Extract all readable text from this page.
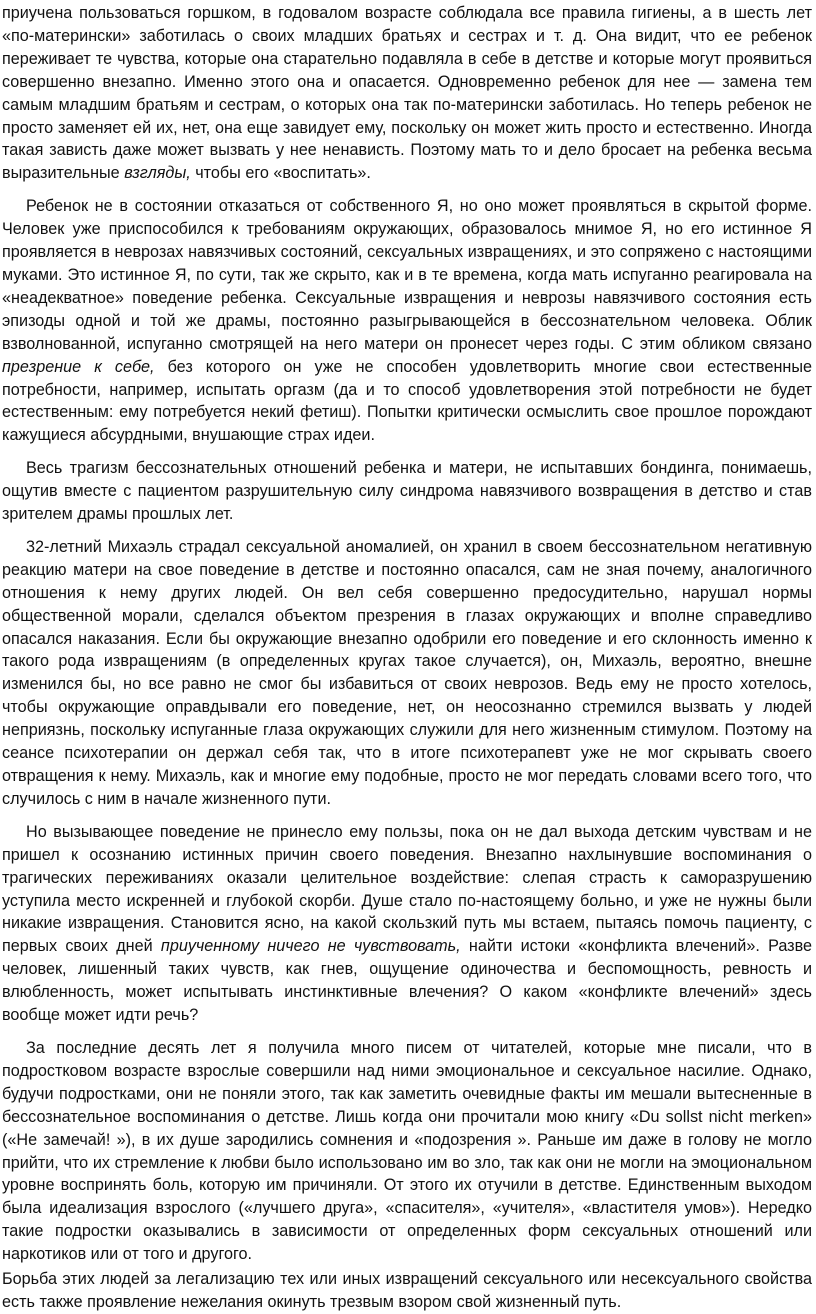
приучена пользоваться горшком, в годовалом возрасте соблюдала все правила гигиены, а в шесть лет «по-матерински» заботилась о своих младших братьях и сестрах и т. д. Она видит, что ее ребенок переживает те чувства, которые она старательно подавляла в себе в детстве и которые могут проявиться совершенно внезапно. Именно этого она и опасается. Одновременно ребенок для нее — замена тем самым младшим братьям и сестрам, о которых она так по-матерински заботилась. Но теперь ребенок не просто заменяет ей их, нет, она еще завидует ему, поскольку он может жить просто и естественно. Иногда такая зависть даже может вызвать у нее ненависть. Поэтому мать то и дело бросает на ребенка весьма выразительные взгляды, чтобы его «воспитать».

Ребенок не в состоянии отказаться от собственного Я, но оно может проявляться в скрытой форме. Человек уже приспособился к требованиям окружающих, образовалось мнимое Я, но его истинное Я проявляется в неврозах навязчивых состояний, сексуальных извращениях, и это сопряжено с настоящими муками. Это истинное Я, по сути, так же скрыто, как и в те времена, когда мать испуганно реагировала на «неадекватное» поведение ребенка. Сексуальные извращения и неврозы навязчивого состояния есть эпизоды одной и той же драмы, постоянно разыгрывающейся в бессознательном человека. Облик взволнованной, испуганно смотрящей на него матери он пронесет через годы. С этим обликом связано презрение к себе, без которого он уже не способен удовлетворить многие свои естественные потребности, например, испытать оргазм (да и то способ удовлетворения этой потребности не будет естественным: ему потребуется некий фетиш). Попытки критически осмыслить свое прошлое порождают кажущиеся абсурдными, внушающие страх идеи.

Весь трагизм бессознательных отношений ребенка и матери, не испытавших бондинга, понимаешь, ощутив вместе с пациентом разрушительную силу синдрома навязчивого возвращения в детство и став зрителем драмы прошлых лет.

32-летний Михаэль страдал сексуальной аномалией, он хранил в своем бессознательном негативную реакцию матери на свое поведение в детстве и постоянно опасался, сам не зная почему, аналогичного отношения к нему других людей. Он вел себя совершенно предосудительно, нарушал нормы общественной морали, сделался объектом презрения в глазах окружающих и вполне справедливо опасался наказания. Если бы окружающие внезапно одобрили его поведение и его склонность именно к такого рода извращениям (в определенных кругах такое случается), он, Михаэль, вероятно, внешне изменился бы, но все равно не смог бы избавиться от своих неврозов. Ведь ему не просто хотелось, чтобы окружающие оправдывали его поведение, нет, он неосознанно стремился вызвать у людей неприязнь, поскольку испуганные глаза окружающих служили для него жизненным стимулом. Поэтому на сеансе психотерапии он держал себя так, что в итоге психотерапевт уже не мог скрывать своего отвращения к нему. Михаэль, как и многие ему подобные, просто не мог передать словами всего того, что случилось с ним в начале жизненного пути.

Но вызывающее поведение не принесло ему пользы, пока он не дал выхода детским чувствам и не пришел к осознанию истинных причин своего поведения. Внезапно нахлынувшие воспоминания о трагических переживаниях оказали целительное воздействие: слепая страсть к саморазрушению уступила место искренней и глубокой скорби. Душе стало по-настоящему больно, и уже не нужны были никакие извращения. Становится ясно, на какой скользкий путь мы встаем, пытаясь помочь пациенту, с первых своих дней приученному ничего не чувствовать, найти истоки «конфликта влечений». Разве человек, лишенный таких чувств, как гнев, ощущение одиночества и беспомощность, ревность и влюбленность, может испытывать инстинктивные влечения? О каком «конфликте влечений» здесь вообще может идти речь?

За последние десять лет я получила много писем от читателей, которые мне писали, что в подростковом возрасте взрослые совершили над ними эмоциональное и сексуальное насилие. Однако, будучи подростками, они не поняли этого, так как заметить очевидные факты им мешали вытесненные в бессознательное воспоминания о детстве. Лишь когда они прочитали мою книгу «Du sollst nicht merken» («Не замечай! »), в их душе зародились сомнения и «подозрения ». Раньше им даже в голову не могло прийти, что их стремление к любви было использовано им во зло, так как они не могли на эмоциональном уровне воспринять боль, которую им причиняли. От этого их отучили в детстве. Единственным выходом была идеализация взрослого («лучшего друга», «спасителя», «учителя», «властителя умов»). Нередко такие подростки оказывались в зависимости от определенных форм сексуальных отношений или наркотиков или от того и другого.

Борьба этих людей за легализацию тех или иных извращений сексуального или несексуального свойства есть также проявление нежелания окинуть трезвым взором свой жизненный путь.
